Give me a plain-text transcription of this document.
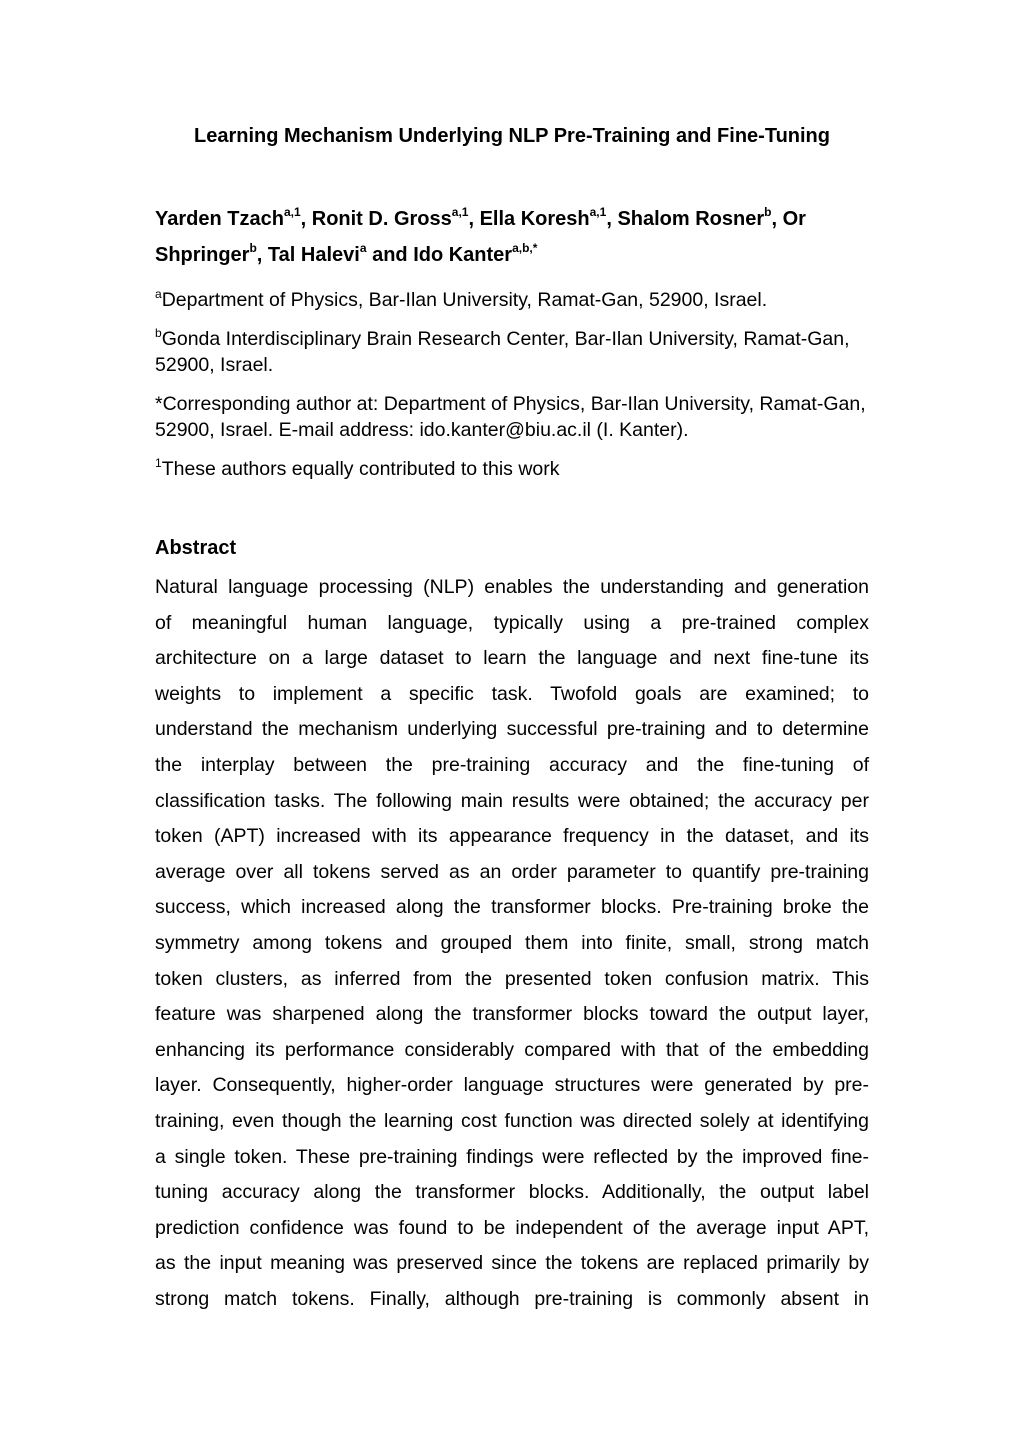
Learning Mechanism Underlying NLP Pre-Training and Fine-Tuning
Yarden Tzach$^{a,1}$, Ronit D. Gross$^{a,1}$, Ella Koresh$^{a,1}$, Shalom Rosner$^b$, Or Shpringer$^b$, Tal Halevi$^a$ and Ido Kanter$^{a,b,*}$
$^a$Department of Physics, Bar-Ilan University, Ramat-Gan, 52900, Israel.
$^b$Gonda Interdisciplinary Brain Research Center, Bar-Ilan University, Ramat-Gan, 52900, Israel.
*Corresponding author at: Department of Physics, Bar-Ilan University, Ramat-Gan, 52900, Israel. E-mail address: ido.kanter@biu.ac.il (I. Kanter).
$^1$These authors equally contributed to this work
Abstract
Natural language processing (NLP) enables the understanding and generation
of meaningful human language, typically using a pre-trained complex
architecture on a large dataset to learn the language and next fine-tune its
weights to implement a specific task. Twofold goals are examined; to
understand the mechanism underlying successful pre-training and to determine
the interplay between the pre-training accuracy and the fine-tuning of
classification tasks. The following main results were obtained; the accuracy per
token (APT) increased with its appearance frequency in the dataset, and its
average over all tokens served as an order parameter to quantify pre-training
success, which increased along the transformer blocks. Pre-training broke the
symmetry among tokens and grouped them into finite, small, strong match
token clusters, as inferred from the presented token confusion matrix. This
feature was sharpened along the transformer blocks toward the output layer,
enhancing its performance considerably compared with that of the embedding
layer. Consequently, higher-order language structures were generated by pre-
training, even though the learning cost function was directed solely at identifying
a single token. These pre-training findings were reflected by the improved fine-
tuning accuracy along the transformer blocks. Additionally, the output label
prediction confidence was found to be independent of the average input APT,
as the input meaning was preserved since the tokens are replaced primarily by
strong match tokens. Finally, although pre-training is commonly absent in
